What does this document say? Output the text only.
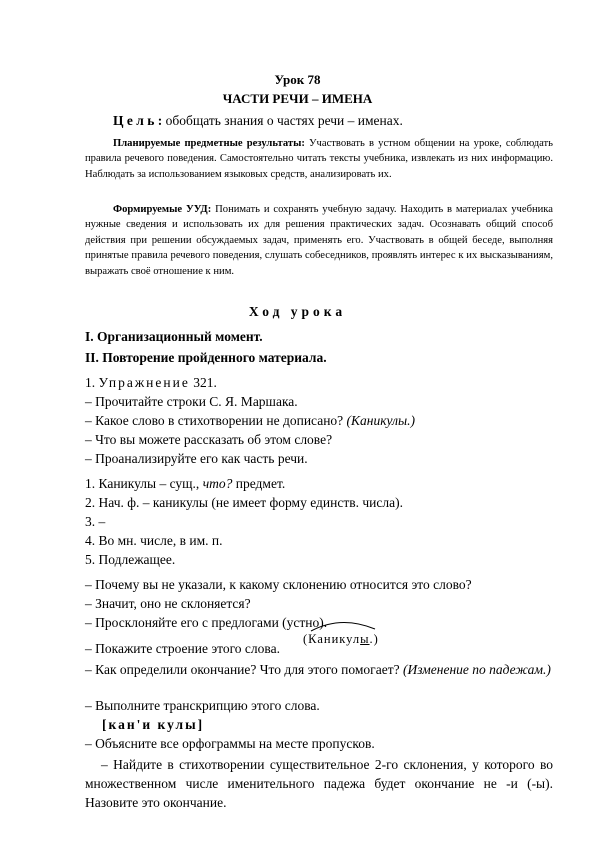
Урок 78
ЧАСТИ РЕЧИ – ИМЕНА
Ц е л ь : обобщать знания о частях речи – именах.
Планируемые предметные результаты: Участвовать в устном общении на уроке, соблюдать правила речевого поведения. Самостоятельно читать тексты учебника, извлекать из них информацию. Наблюдать за использованием языковых средств, анализировать их.
Формируемые УУД: Понимать и сохранять учебную задачу. Находить в материалах учебника нужные сведения и использовать их для решения практических задач. Осознавать общий способ действия при решении обсуждаемых задач, применять его. Участвовать в общей беседе, выполняя принятые правила речевого поведения, слушать собеседников, проявлять интерес к их высказываниям, выражать своё отношение к ним.
Ход урока
I. Организационный момент.
II. Повторение пройденного материала.
1. Упражнение 321.
– Прочитайте строки С. Я. Маршака.
– Какое слово в стихотворении не дописано? (Каникулы.)
– Что вы можете рассказать об этом слове?
– Проанализируйте его как часть речи.
1. Каникулы – сущ., что? предмет.
2. Нач. ф. – каникулы (не имеет форму единств. числа).
3. –
4. Во мн. числе, в им. п.
5. Подлежащее.
– Почему вы не указали, к какому склонению относится это слово?
– Значит, оно не склоняется?
– Просклоняйте его с предлогами (устно).
– Покажите строение этого слова.
(Каникулы.)
– Как определили окончание? Что для этого помогает? (Изменение по падежам.)
– Выполните транскрипцию этого слова.
[кан'и кулы]
– Объясните все орфограммы на месте пропусков.
– Найдите в стихотворении существительное 2-го склонения, у которого во множественном числе именительного падежа будет окончание не -и (-ы). Назовите это окончание.
